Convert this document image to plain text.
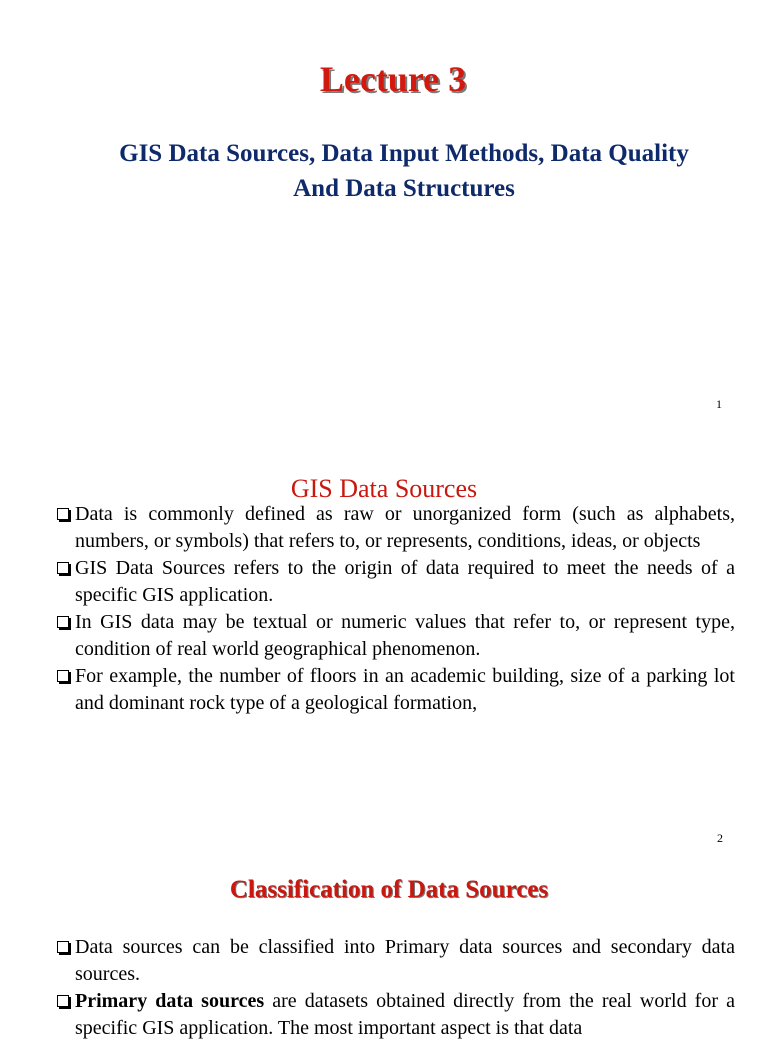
Lecture 3
GIS Data Sources, Data Input Methods, Data Quality And Data Structures
1
GIS Data Sources
Data is commonly defined as raw or unorganized form (such as alphabets, numbers, or symbols) that refers to, or represents, conditions, ideas, or objects
GIS Data Sources refers to the origin of data required to meet the needs of a specific GIS application.
In GIS data may be textual or numeric values that refer to, or represent type, condition of real world geographical phenomenon.
For example, the number of floors in an academic building, size of a parking lot and dominant rock type of a geological formation,
2
Classification of Data Sources
Data sources can be classified into Primary data sources and secondary data sources.
Primary data sources are datasets obtained directly from the real world for a specific GIS application. The most important aspect is that data
